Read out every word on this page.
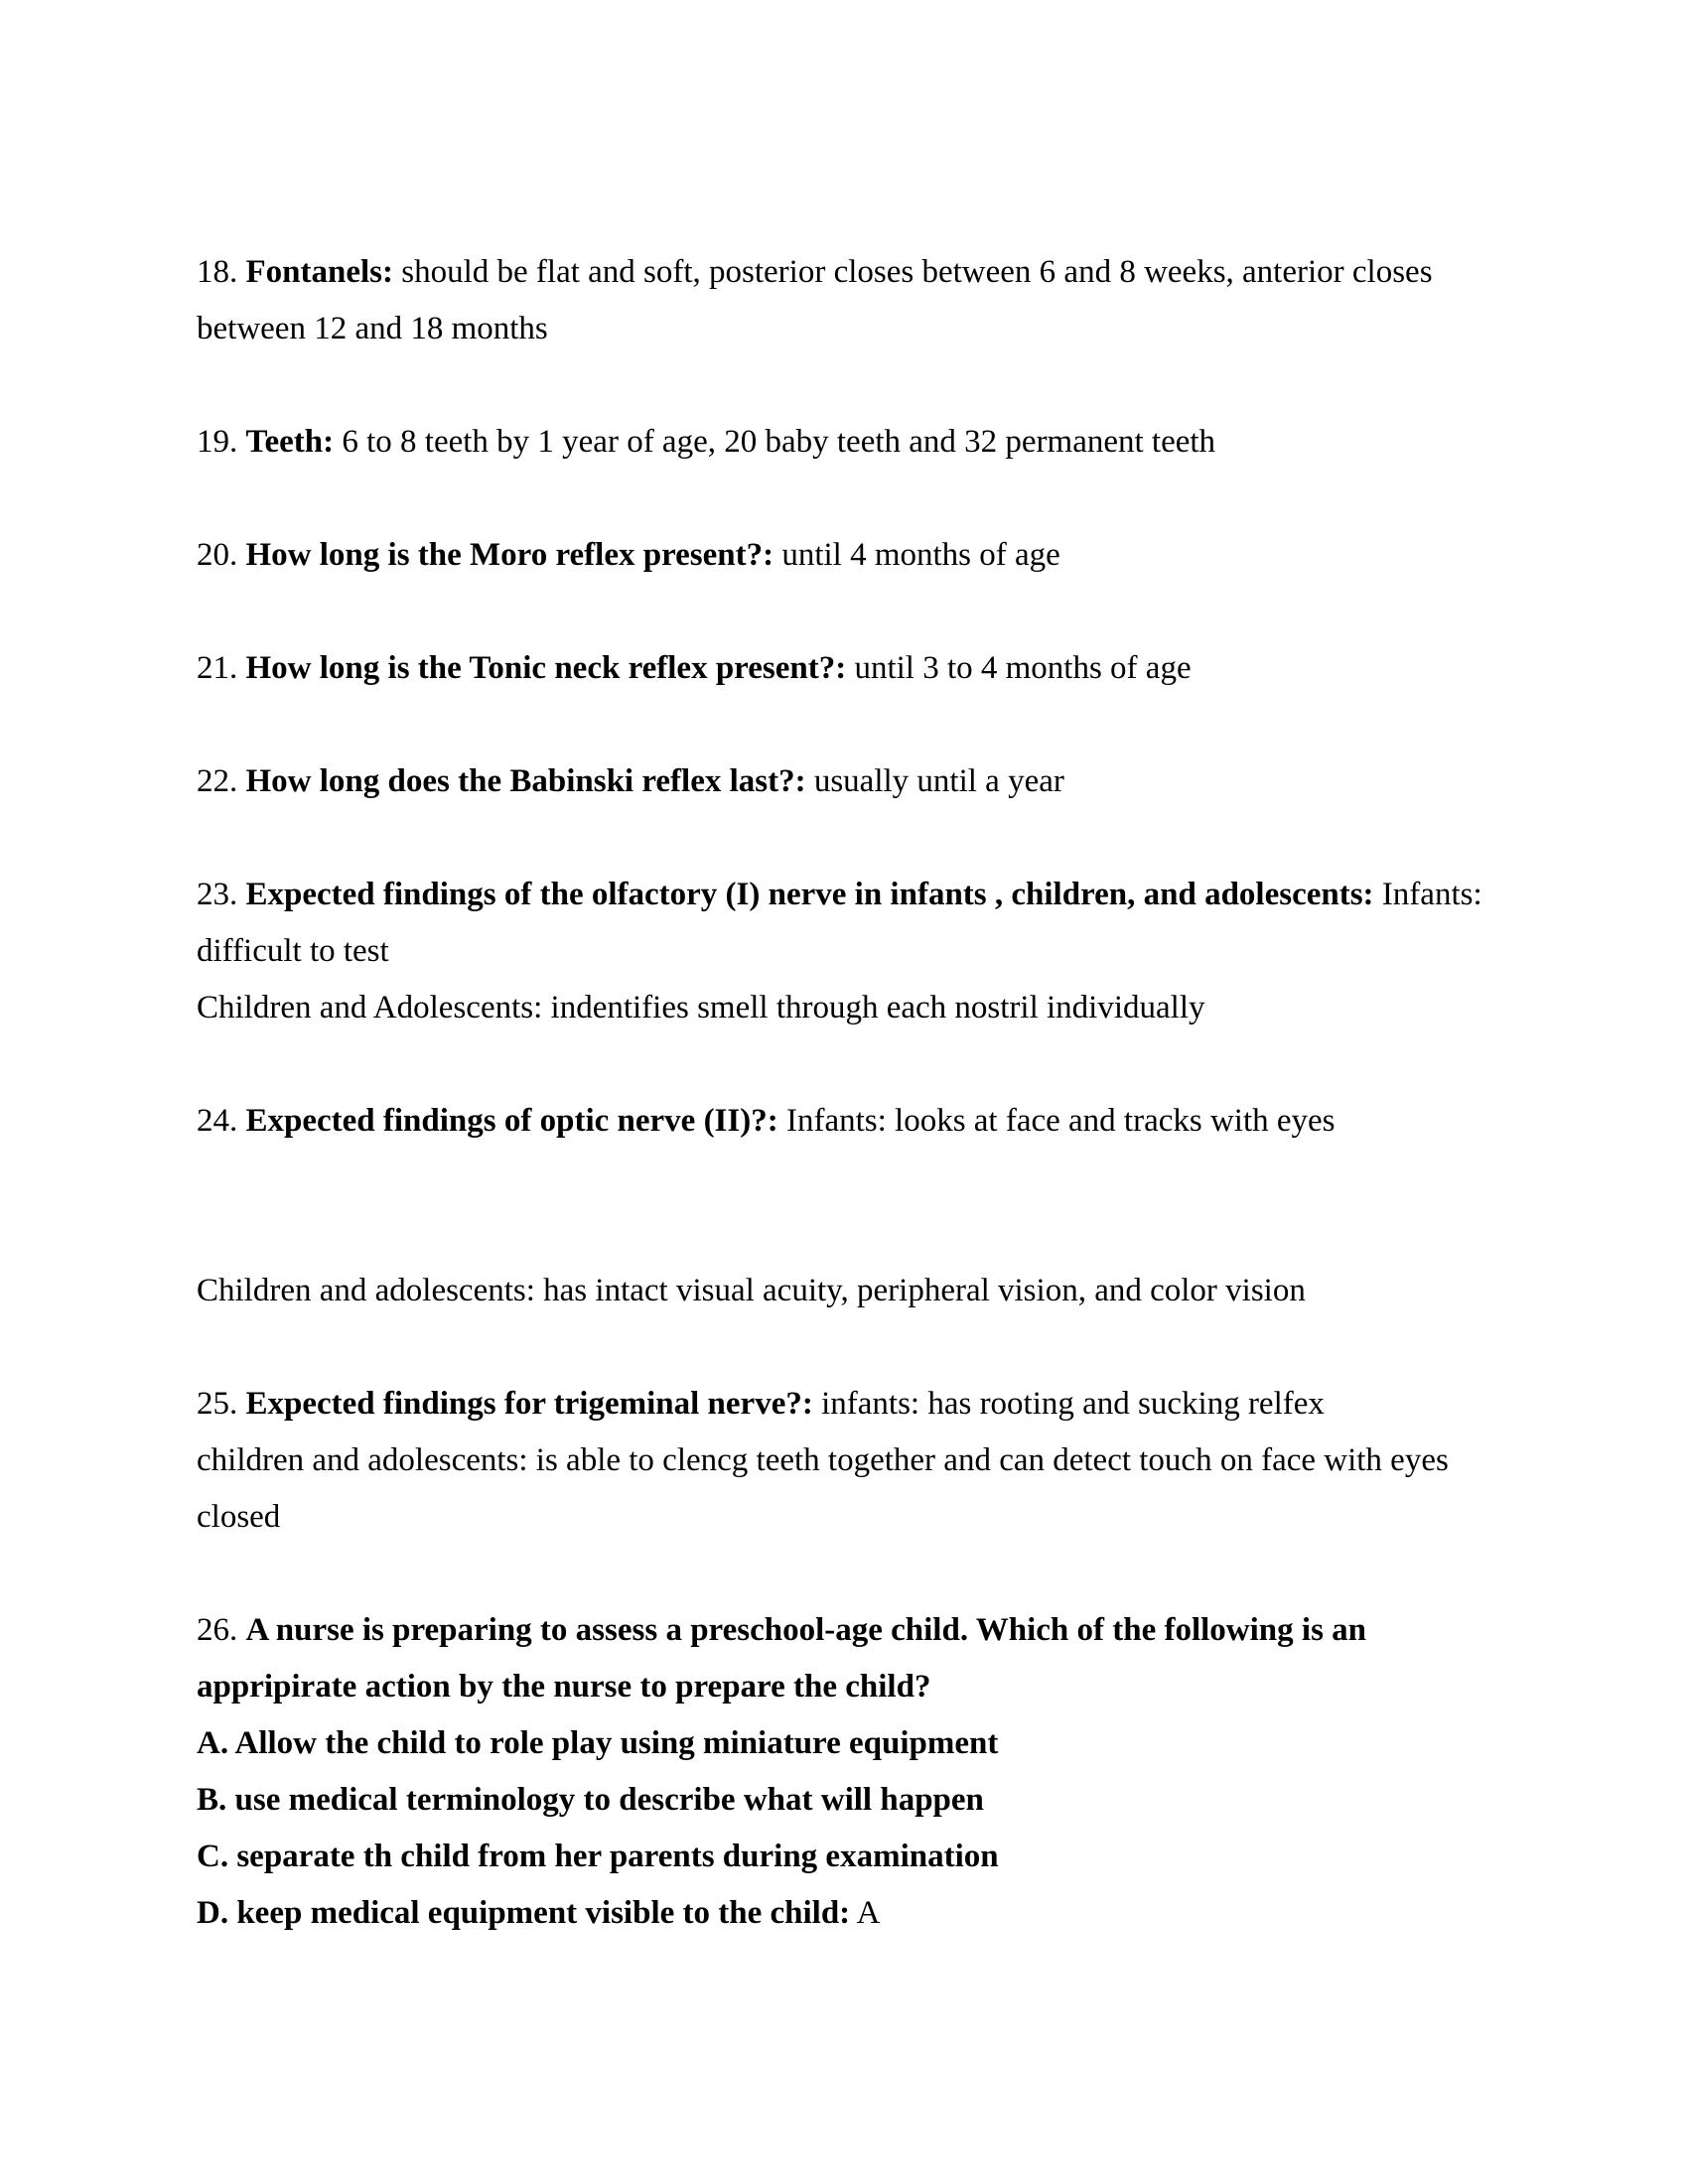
18. Fontanels: should be flat and soft, posterior closes between 6 and 8 weeks, anterior closes
between 12 and 18 months
19. Teeth: 6 to 8 teeth by 1 year of age, 20 baby teeth and 32 permanent teeth
20. How long is the Moro reflex present?: until 4 months of age
21. How long is the Tonic neck reflex present?: until 3 to 4 months of age
22. How long does the Babinski reflex last?: usually until a year
23. Expected findings of the olfactory (I) nerve in infants , children, and adolescents: Infants:
difficult to test
Children and Adolescents: indentifies smell through each nostril individually
24. Expected findings of optic nerve (II)?: Infants: looks at face and tracks with eyes
Children and adolescents: has intact visual acuity, peripheral vision, and color vision
25. Expected findings for trigeminal nerve?: infants: has rooting and sucking relfex
children and adolescents: is able to clencg teeth together and can detect touch on face with eyes
closed
26. A nurse is preparing to assess a preschool-age child. Which of the following is an
appripirate action by the nurse to prepare the child?
A. Allow the child to role play using miniature equipment
B. use medical terminology to describe what will happen
C. separate th child from her parents during examination
D. keep medical equipment visible to the child: A
